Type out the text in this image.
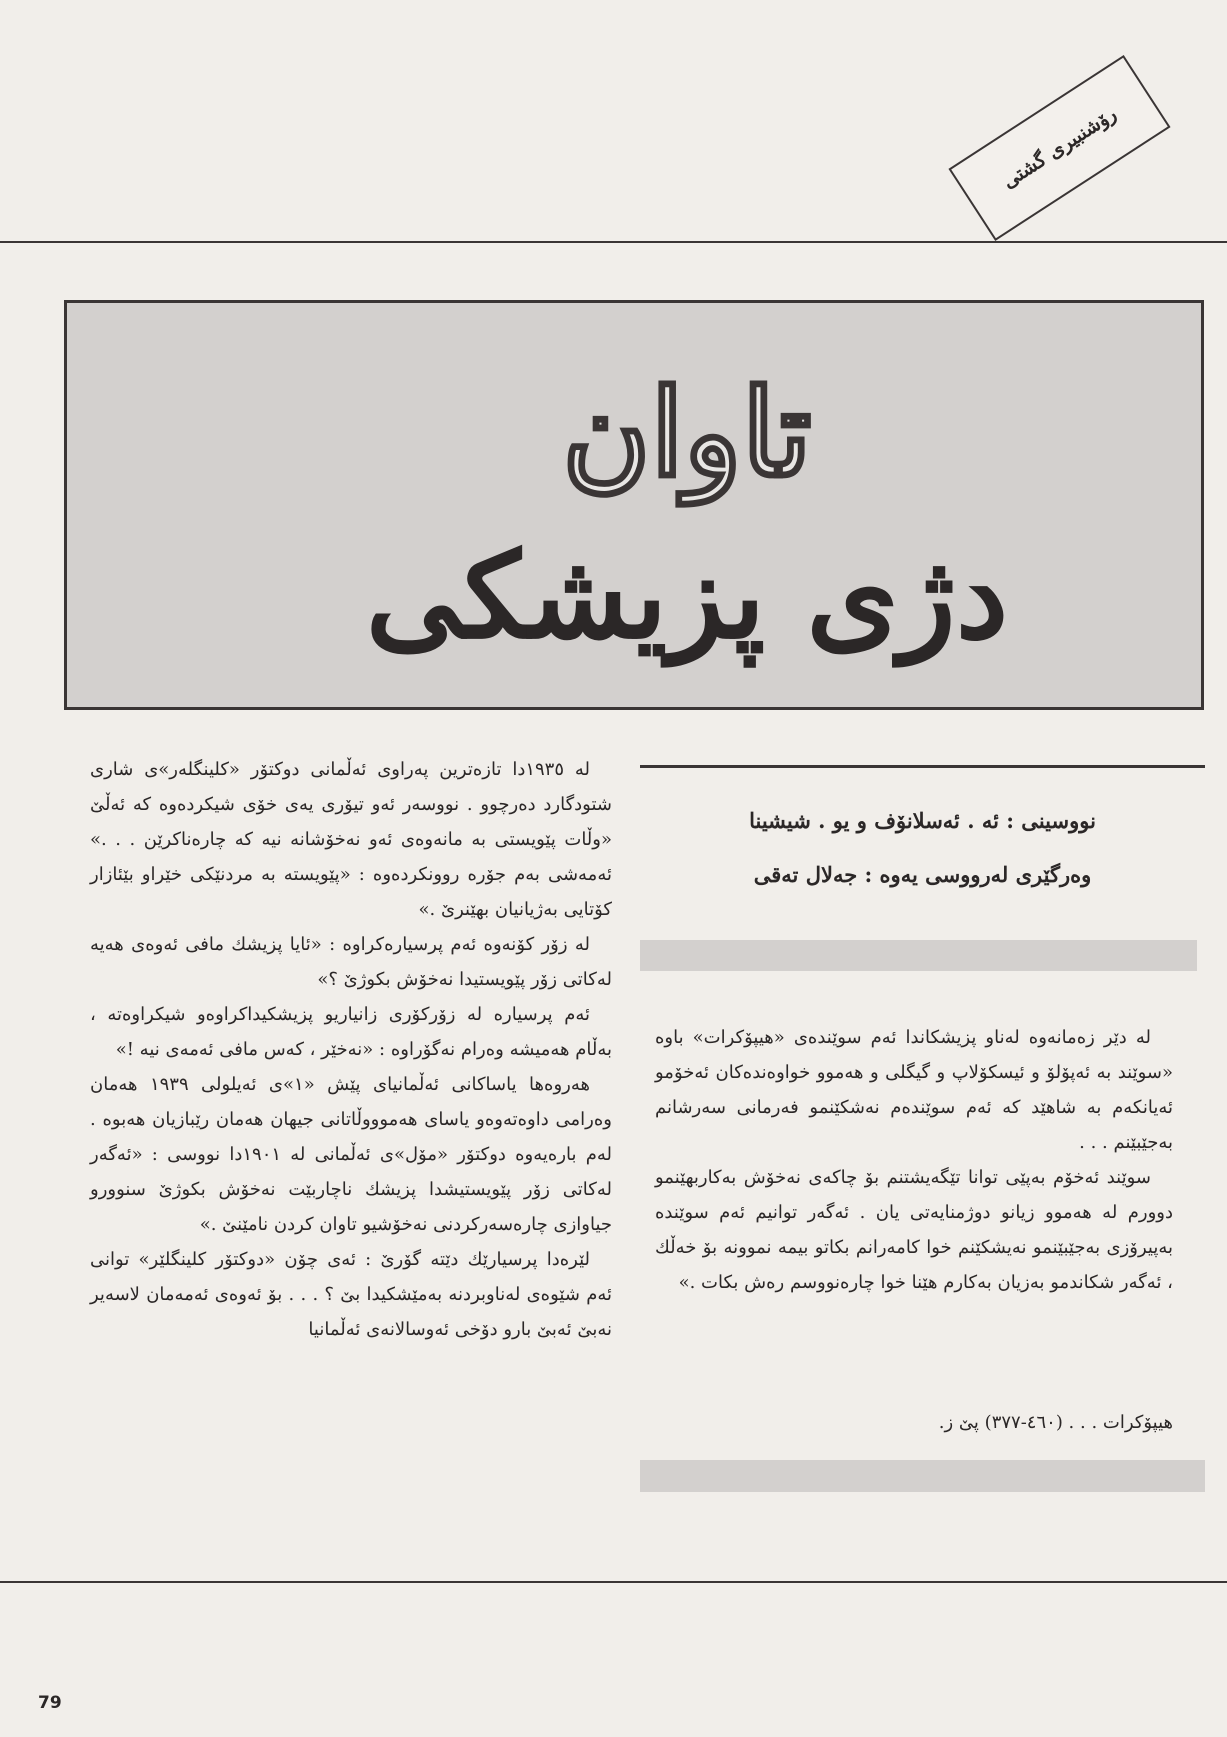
رۆشنبیری گشتی
تاوان
دژی پزیشکی
نووسینی : ئە . ئەسلانۆف و یو . شیشینا
وەرگێری لەرووسی یەوە : جەلال تەقی

لە دێر زەمانەوە لەناو پزیشکاندا ئەم سوێندەی «هیپۆکرات» باوە «سوێند بە ئەپۆلۆ و ئیسکۆلاپ و گیگلی و هەموو خواوەندەکان ئەخۆمو ئەیانکەم بە شاهێد کە ئەم سوێندەم نەشکێنمو فەرمانی سەرشانم بەجێبێنم . . .

سوێند ئەخۆم بەپێی توانا تێگەیشتنم بۆ چاکەی نەخۆش بەکاربهێنمو دوورم لە هەموو زیانو دوژمنایەتی یان . ئەگەر توانیم ئەم سوێندە بەپیرۆزی بەجێبێنمو نەیشکێنم خوا کامەرانم بکاتو بیمە نموونە بۆ خەڵك ، ئەگەر شکاندمو بەزیان بەکارم هێنا خوا چارەنووسم رەش بکات .»

هیپۆکرات . . . (٤٦٠-٣٧٧) پێ ز.

لە ١٩٣٥دا تازەترین پەراوی ئەڵمانی دوکتۆر «کلینگلەر»ی شاری شتودگارد دەرچوو . نووسەر ئەو تیۆری یەی خۆی شیکردەوە کە ئەڵێ «وڵات پێویستی بە مانەوەی ئەو نەخۆشانە نیە کە چارەناکرێن . . .» ئەمەشی بەم جۆرە روونکردەوە : «پێویستە بە مردنێکی خێراو بێئازار کۆتایی بەژیانیان بهێنرێ .»

لە زۆر کۆنەوە ئەم پرسیارەکراوە : «ئایا پزیشك مافی ئەوەی هەیە لەکاتی زۆر پێویستیدا نەخۆش بکوژێ ؟»

ئەم پرسیارە لە زۆرکۆری زانیاریو پزیشکیداکراوەو شیکراوەتە ، بەڵام هەمیشە وەرام نەگۆراوە : «نەخێر ، کەس مافی ئەمەی نیە !»

هەروەها یاساکانی ئەڵمانیای پێش «١»ی ئەیلولی ١٩٣٩ هەمان وەرامی داوەتەوەو یاسای هەموووڵاتانی جیهان هەمان رێبازیان هەبوە . لەم بارەیەوە دوکتۆر «مۆل»ی ئەڵمانی لە ١٩٠١دا نووسی : «ئەگەر لەکاتی زۆر پێویستیشدا پزیشك ناچاربێت نەخۆش بکوژێ سنوورو جیاوازی چارەسەرکردنی نەخۆشیو تاوان کردن نامێنێ .»

لێرەدا پرسیارێك دێتە گۆرێ : ئەی چۆن «دوکتۆر کلینگلێر» توانی ئەم شێوەی لەناوبردنە بەمێشکیدا بێ ؟ . . . بۆ ئەوەی ئەمەمان لاسەیر نەبێ ئەبێ بارو دۆخی ئەوسالانەی ئەڵمانیا

79
